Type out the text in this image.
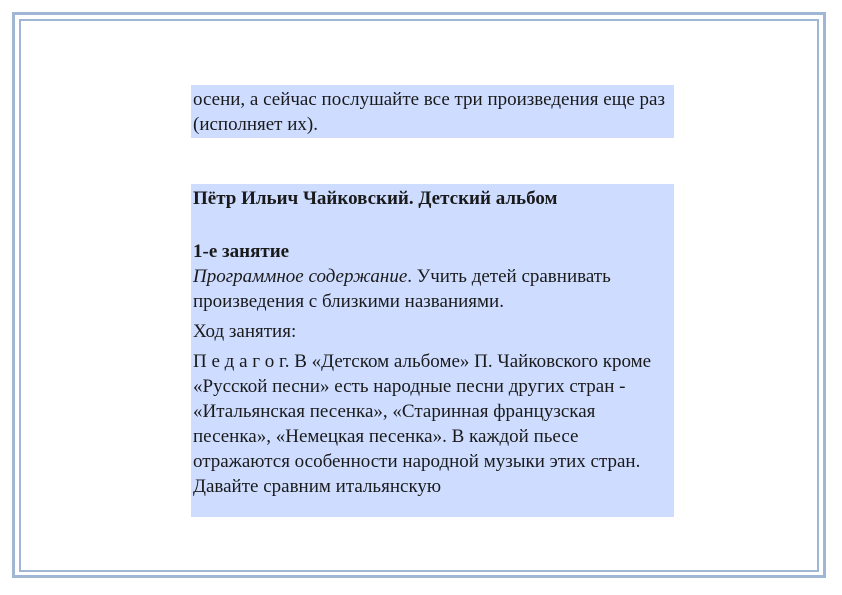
осени, а сейчас послушайте все три произведения еще раз (исполняет их).

Пётр Ильич Чайковский. Детский альбом

1-е занятие

Программное содержание. Учить детей сравнивать произведения с близкими названиями.

Ход занятия:

П е д а г о г. В «Детском альбоме» П. Чайковского кроме «Русской песни» есть народные песни других стран - «Итальянская песенка», «Старинная французская песенка», «Немецкая песенка». В каждой пьесе отражаются особенности народной музыки этих стран. Давайте сравним итальянскую
